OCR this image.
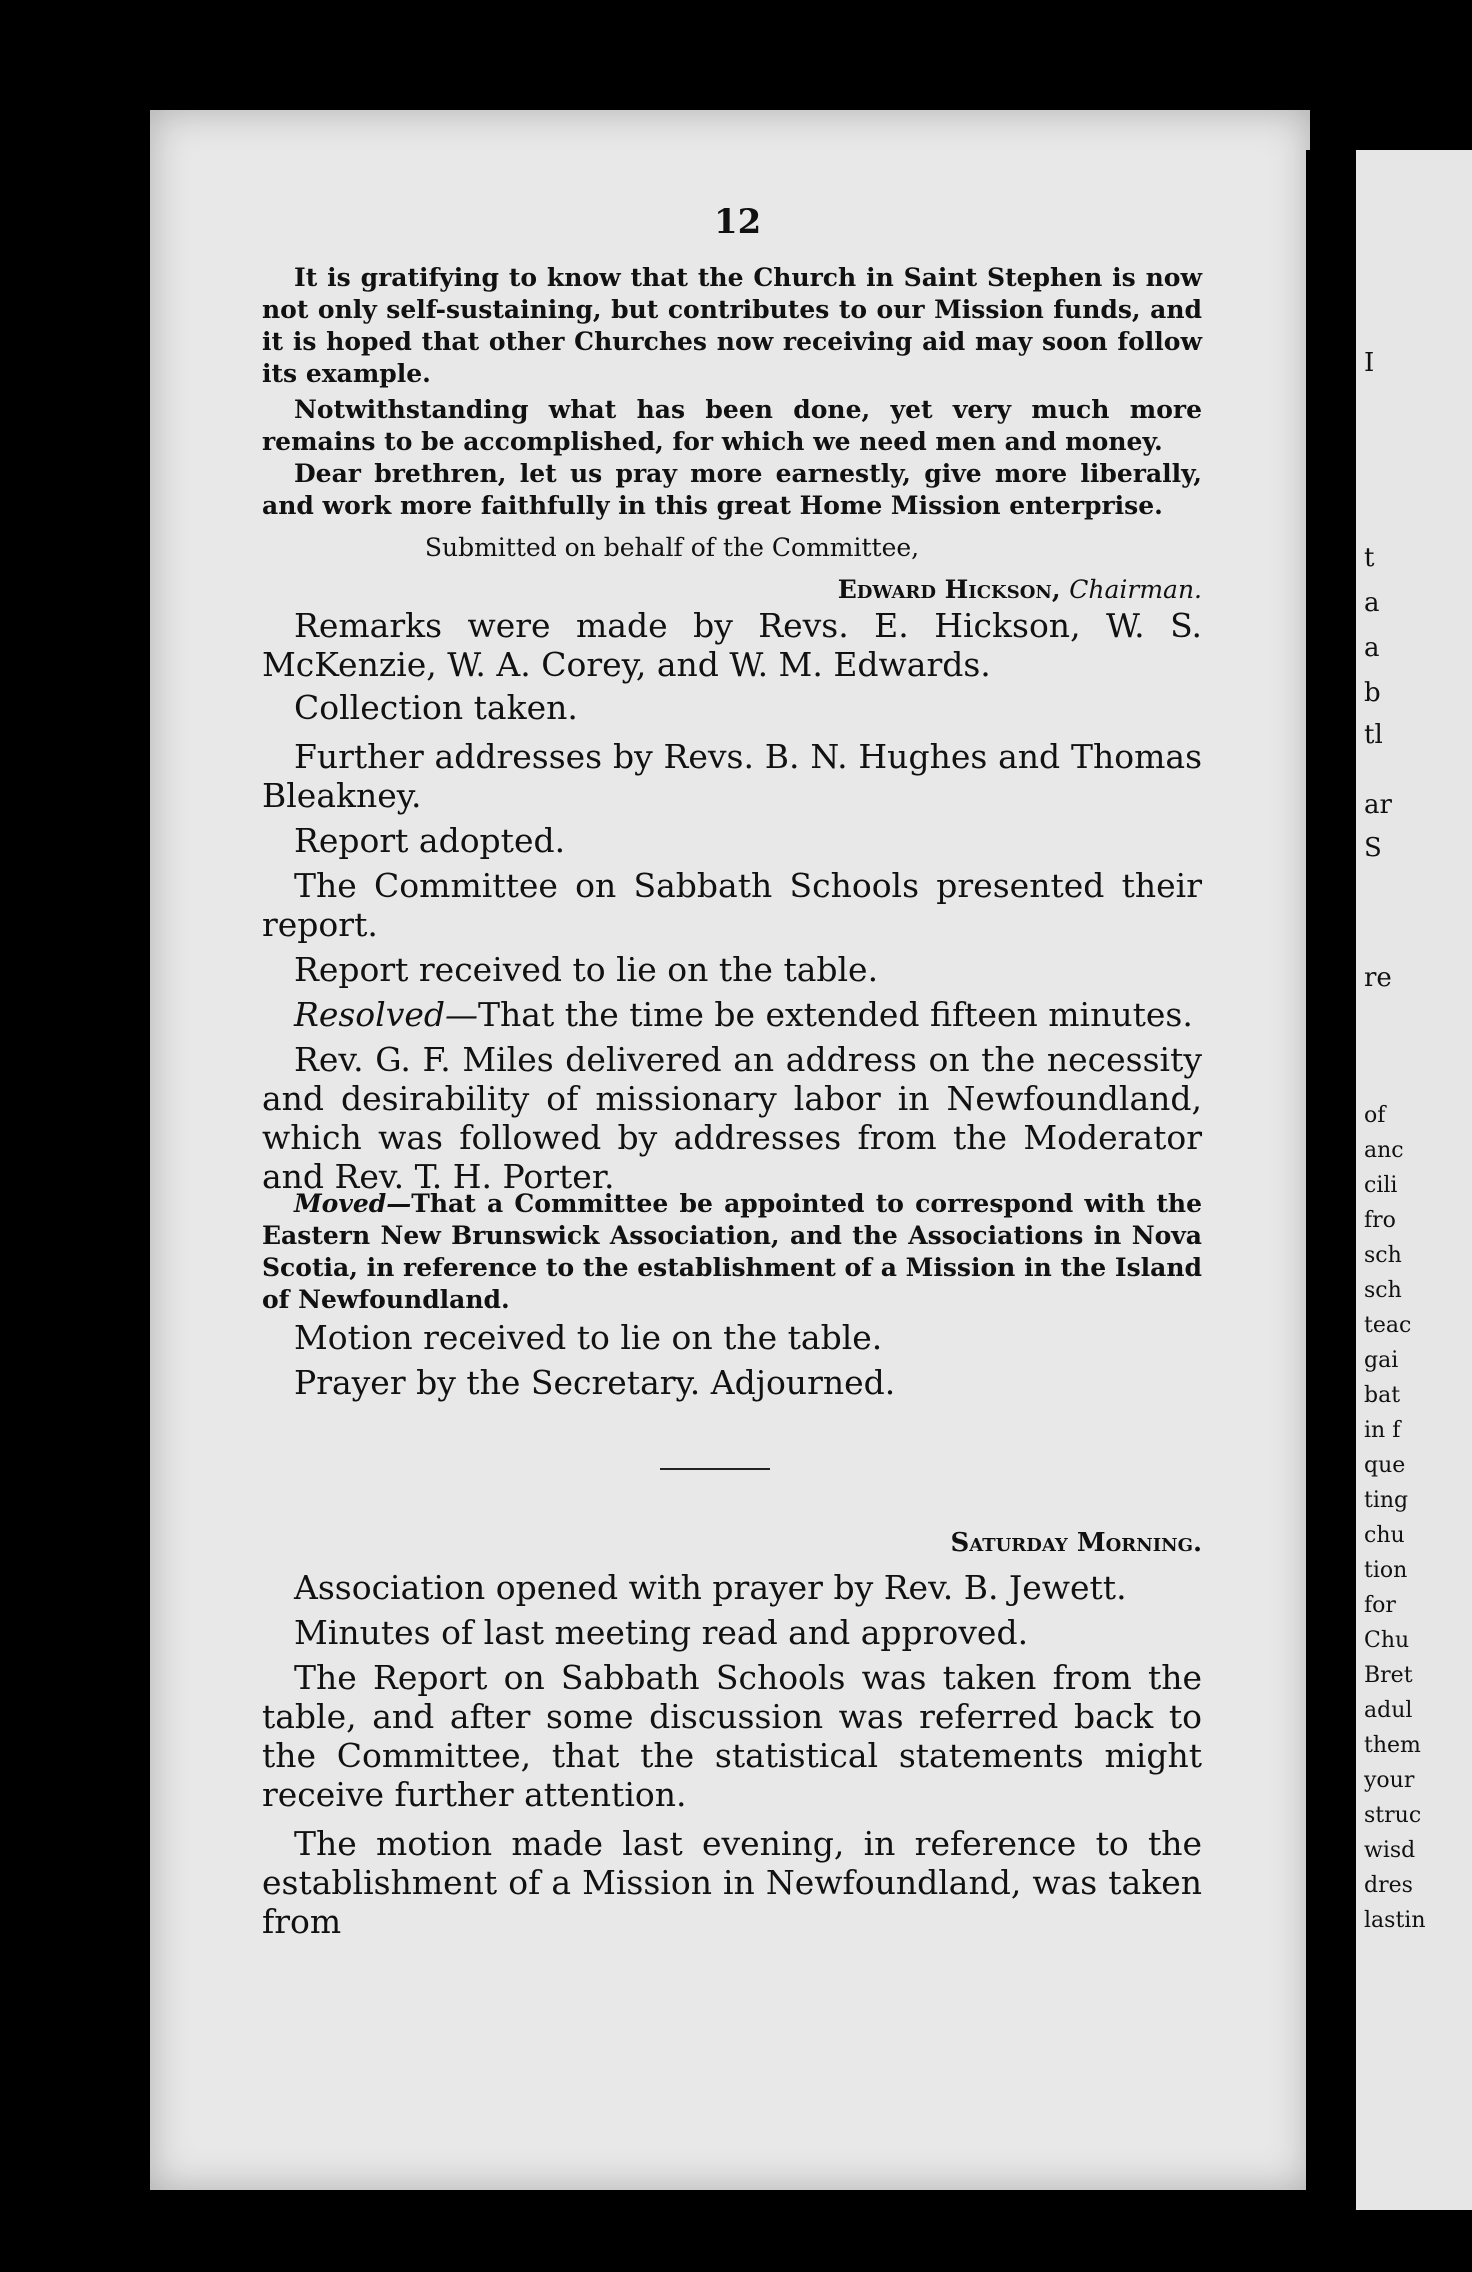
I
t
a
a
b
tl
ar
S
re
of
anc
cili
fro
sch
sch
teac
gai
bat
in f
que
ting
chu
tion
for
Chu
Bret
adul
them
your
struc
wisd
dres
lastin
12

It is gratifying to know that the Church in Saint Stephen is now not only self-sustaining, but contributes to our Mission funds, and it is hoped that other Churches now receiving aid may soon follow its example.

Notwithstanding what has been done, yet very much more remains to be accomplished, for which we need men and money.

Dear brethren, let us pray more earnestly, give more liberally, and work more faithfully in this great Home Mission enterprise.

Submitted on behalf of the Committee,

Edward Hickson, Chairman.

Remarks were made by Revs. E. Hickson, W. S. McKenzie, W. A. Corey, and W. M. Edwards.

Collection taken.

Further addresses by Revs. B. N. Hughes and Thomas Bleakney.

Report adopted.

The Committee on Sabbath Schools presented their report.

Report received to lie on the table.

Resolved—That the time be extended fifteen minutes.

Rev. G. F. Miles delivered an address on the necessity and desirability of missionary labor in Newfoundland, which was followed by addresses from the Moderator and Rev. T. H. Porter.

Moved—That a Committee be appointed to correspond with the Eastern New Brunswick Association, and the Associations in Nova Scotia, in reference to the establishment of a Mission in the Island of Newfoundland.

Motion received to lie on the table.

Prayer by the Secretary. Adjourned.

Saturday Morning.

Association opened with prayer by Rev. B. Jewett.

Minutes of last meeting read and approved.

The Report on Sabbath Schools was taken from the table, and after some discussion was referred back to the Committee, that the statistical statements might receive further attention.

The motion made last evening, in reference to the establishment of a Mission in Newfoundland, was taken from
